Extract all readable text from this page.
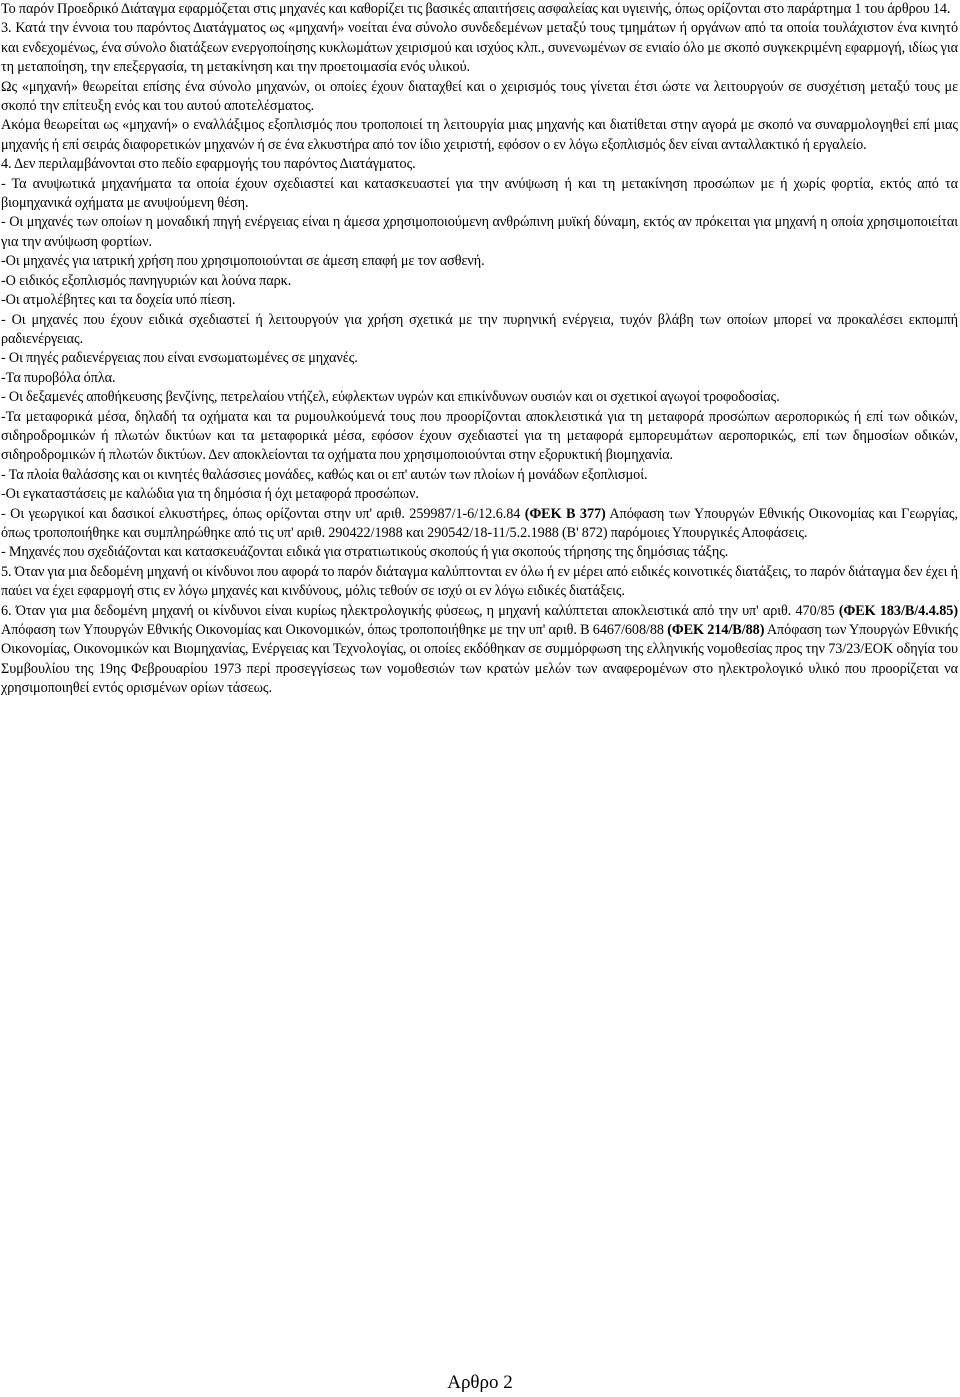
Το παρόν Προεδρικό Διάταγμα εφαρμόζεται στις μηχανές και καθορίζει τις βασικές απαιτήσεις ασφαλείας και υγιεινής, όπως ορίζονται στο παράρτημα 1 του άρθρου 14.

3. Κατά την έννοια του παρόντος Διατάγματος ως «μηχανή» νοείται ένα σύνολο συνδεδεμένων μεταξύ τους τμημάτων ή οργάνων από τα οποία τουλάχιστον ένα κινητό και ενδεχομένως, ένα σύνολο διατάξεων ενεργοποίησης κυκλωμάτων χειρισμού και ισχύος κλπ., συνενωμένων σε ενιαίο όλο με σκοπό συγκεκριμένη εφαρμογή, ιδίως για τη μεταποίηση, την επεξεργασία, τη μετακίνηση και την προετοιμασία ενός υλικού.

Ως «μηχανή» θεωρείται επίσης ένα σύνολο μηχανών, οι οποίες έχουν διαταχθεί και ο χειρισμός τους γίνεται έτσι ώστε να λειτουργούν σε συσχέτιση μεταξύ τους με σκοπό την επίτευξη ενός και του αυτού αποτελέσματος.

Ακόμα θεωρείται ως «μηχανή» ο εναλλάξιμος εξοπλισμός που τροποποιεί τη λειτουργία μιας μηχανής και διατίθεται στην αγορά με σκοπό να συναρμολογηθεί επί μιας μηχανής ή επί σειράς διαφορετικών μηχανών ή σε ένα ελκυστήρα από τον ίδιο χειριστή, εφόσον ο εν λόγω εξοπλισμός δεν είναι ανταλλακτικό ή εργαλείο.

4. Δεν περιλαμβάνονται στο πεδίο εφαρμογής του παρόντος Διατάγματος.

- Τα ανυψωτικά μηχανήματα τα οποία έχουν σχεδιαστεί και κατασκευαστεί για την ανύψωση ή και τη μετακίνηση προσώπων με ή χωρίς φορτία, εκτός από τα βιομηχανικά οχήματα με ανυψούμενη θέση.

- Οι μηχανές των οποίων η μοναδική πηγή ενέργειας είναι η άμεσα χρησιμοποιούμενη ανθρώπινη μυϊκή δύναμη, εκτός αν πρόκειται για μηχανή η οποία χρησιμοποιείται για την ανύψωση φορτίων.

-Οι μηχανές για ιατρική χρήση που χρησιμοποιούνται σε άμεση επαφή με τον ασθενή.

-Ο ειδικός εξοπλισμός πανηγυριών και λούνα παρκ.

-Οι ατμολέβητες και τα δοχεία υπό πίεση.

- Οι μηχανές που έχουν ειδικά σχεδιαστεί ή λειτουργούν για χρήση σχετικά με την πυρηνική ενέργεια, τυχόν βλάβη των οποίων μπορεί να προκαλέσει εκπομπή ραδιενέργειας.

- Οι πηγές ραδιενέργειας που είναι ενσωματωμένες σε μηχανές.

-Τα πυροβόλα όπλα.

- Οι δεξαμενές αποθήκευσης βενζίνης, πετρελαίου ντήζελ, εύφλεκτων υγρών και επικίνδυνων ουσιών και οι σχετικοί αγωγοί τροφοδοσίας.

-Τα μεταφορικά μέσα, δηλαδή τα οχήματα και τα ρυμουλκούμενά τους που προορίζονται αποκλειστικά για τη μεταφορά προσώπων αεροπορικώς ή επί των οδικών, σιδηροδρομικών ή πλωτών δικτύων και τα μεταφορικά μέσα, εφόσον έχουν σχεδιαστεί για τη μεταφορά εμπορευμάτων αεροπορικώς, επί των δημοσίων οδικών, σιδηροδρομικών ή πλωτών δικτύων. Δεν αποκλείονται τα οχήματα που χρησιμοποιούνται στην εξορυκτική βιομηχανία.

- Τα πλοία θαλάσσης και οι κινητές θαλάσσιες μονάδες, καθώς και οι επ' αυτών των πλοίων ή μονάδων εξοπλισμοί.

-Οι εγκαταστάσεις με καλώδια για τη δημόσια ή όχι μεταφορά προσώπων.

- Οι γεωργικοί και δασικοί ελκυστήρες, όπως ορίζονται στην υπ' αριθ. 259987/1-6/12.6.84 (ΦΕΚ Β 377) Απόφαση των Υπουργών Εθνικής Οικονομίας και Γεωργίας, όπως τροποποιήθηκε και συμπληρώθηκε από τις υπ' αριθ. 290422/1988 και 290542/18-11/5.2.1988 (Β' 872) παρόμοιες Υπουργικές Αποφάσεις.

- Μηχανές που σχεδιάζονται και κατασκευάζονται ειδικά για στρατιωτικούς σκοπούς ή για σκοπούς τήρησης της δημόσιας τάξης.

5. Όταν για μια δεδομένη μηχανή οι κίνδυνοι που αφορά το παρόν διάταγμα καλύπτονται εν όλω ή εν μέρει από ειδικές κοινοτικές διατάξεις, το παρόν διάταγμα δεν έχει ή παύει να έχει εφαρμογή στις εν λόγω μηχανές και κινδύνους, μόλις τεθούν σε ισχύ οι εν λόγω ειδικές διατάξεις.

6. Όταν για μια δεδομένη μηχανή οι κίνδυνοι είναι κυρίως ηλεκτρολογικής φύσεως, η μηχανή καλύπτεται αποκλειστικά από την υπ' αριθ. 470/85 (ΦΕΚ 183/Β/4.4.85) Απόφαση των Υπουργών Εθνικής Οικονομίας και Οικονομικών, όπως τροποποιήθηκε με την υπ' αριθ. Β 6467/608/88 (ΦΕΚ 214/Β/88) Απόφαση των Υπουργών Εθνικής Οικονομίας, Οικονομικών και Βιομηχανίας, Ενέργειας και Τεχνολογίας, οι οποίες εκδόθηκαν σε συμμόρφωση της ελληνικής νομοθεσίας προς την 73/23/ΕΟΚ οδηγία του Συμβουλίου της 19ης Φεβρουαρίου 1973 περί προσεγγίσεως των νομοθεσιών των κρατών μελών των αναφερομένων στο ηλεκτρολογικό υλικό που προορίζεται να χρησιμοποιηθεί εντός ορισμένων ορίων τάσεως.

Αρθρο 2
